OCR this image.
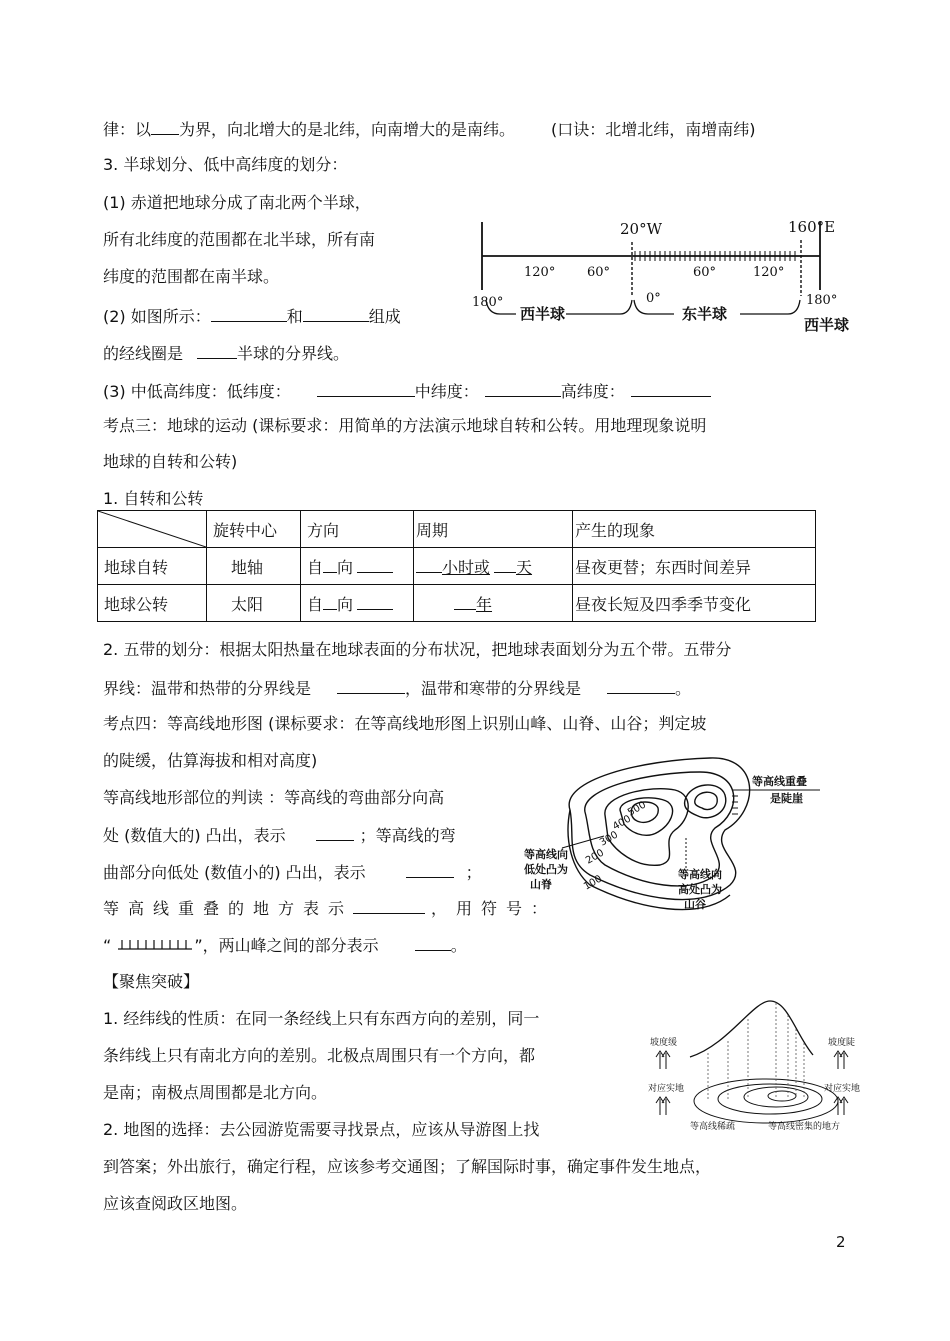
律：以 为界，向北增大的是北纬，向南增大的是南纬。 (口诀：北增北纬，南增南纬)
3. 半球划分、低中高纬度的划分：
(1) 赤道把地球分成了南北两个半球，
所有北纬度的范围都在北半球，所有南
纬度的范围都在南半球。
(2) 如图所示：	和	组成
的经线圈是	半球的分界线。
(3) 中低高纬度：低纬度：	中纬度：	高纬度：
考点三：地球的运动 (课标要求：用简单的方法演示地球自转和公转。用地理现象说明
地球的自转和公转)
1. 自转和公转
	旋转中心	方向	周期	产生的现象
地球自转	地轴	自 向	小时或 天	昼夜更替；东西时间差异
地球公转	太阳	自 向	年	昼夜长短及四季季节变化
2. 五带的划分：根据太阳热量在地球表面的分布状况，把地球表面划分为五个带。五带分
界线：温带和热带的分界线是	，温带和寒带的分界线是	。
考点四：等高线地形图 (课标要求：在等高线地形图上识别山峰、山脊、山谷；判定坡
的陡缓，估算海拔和相对高度)
等高线地形部位的判读 ：等高线的弯曲部分向高
处 (数值大的) 凸出，表示	；等高线的弯
曲部分向低处 (数值小的) 凸出，表示	；
等高线重叠的地方表示	，用符号：
“	”，两山峰之间的部分表示	。
【聚焦突破】
1. 经纬线的性质：在同一条经线上只有东西方向的差别，同一
条纬线上只有南北方向的差别。北极点周围只有一个方向，都
是南；南极点周围都是北方向。
2. 地图的选择：去公园游览需要寻找景点，应该从导游图上找
到答案；外出旅行，确定行程，应该参考交通图；了解国际时事，确定事件发生地点，
应该查阅政区地图。
20°W	160°E
120° 60°	60°	120°
180°	0°	180°
西半球	东半球
西半球
500
400
300
200
100
等高线重叠
是陡崖
等高线向
低处凸为
山脊
等高线向
高处凸为
山谷
坡度缓	坡度陡
对应实地	对应实地
等高线稀疏	等高线密集的地方
2
